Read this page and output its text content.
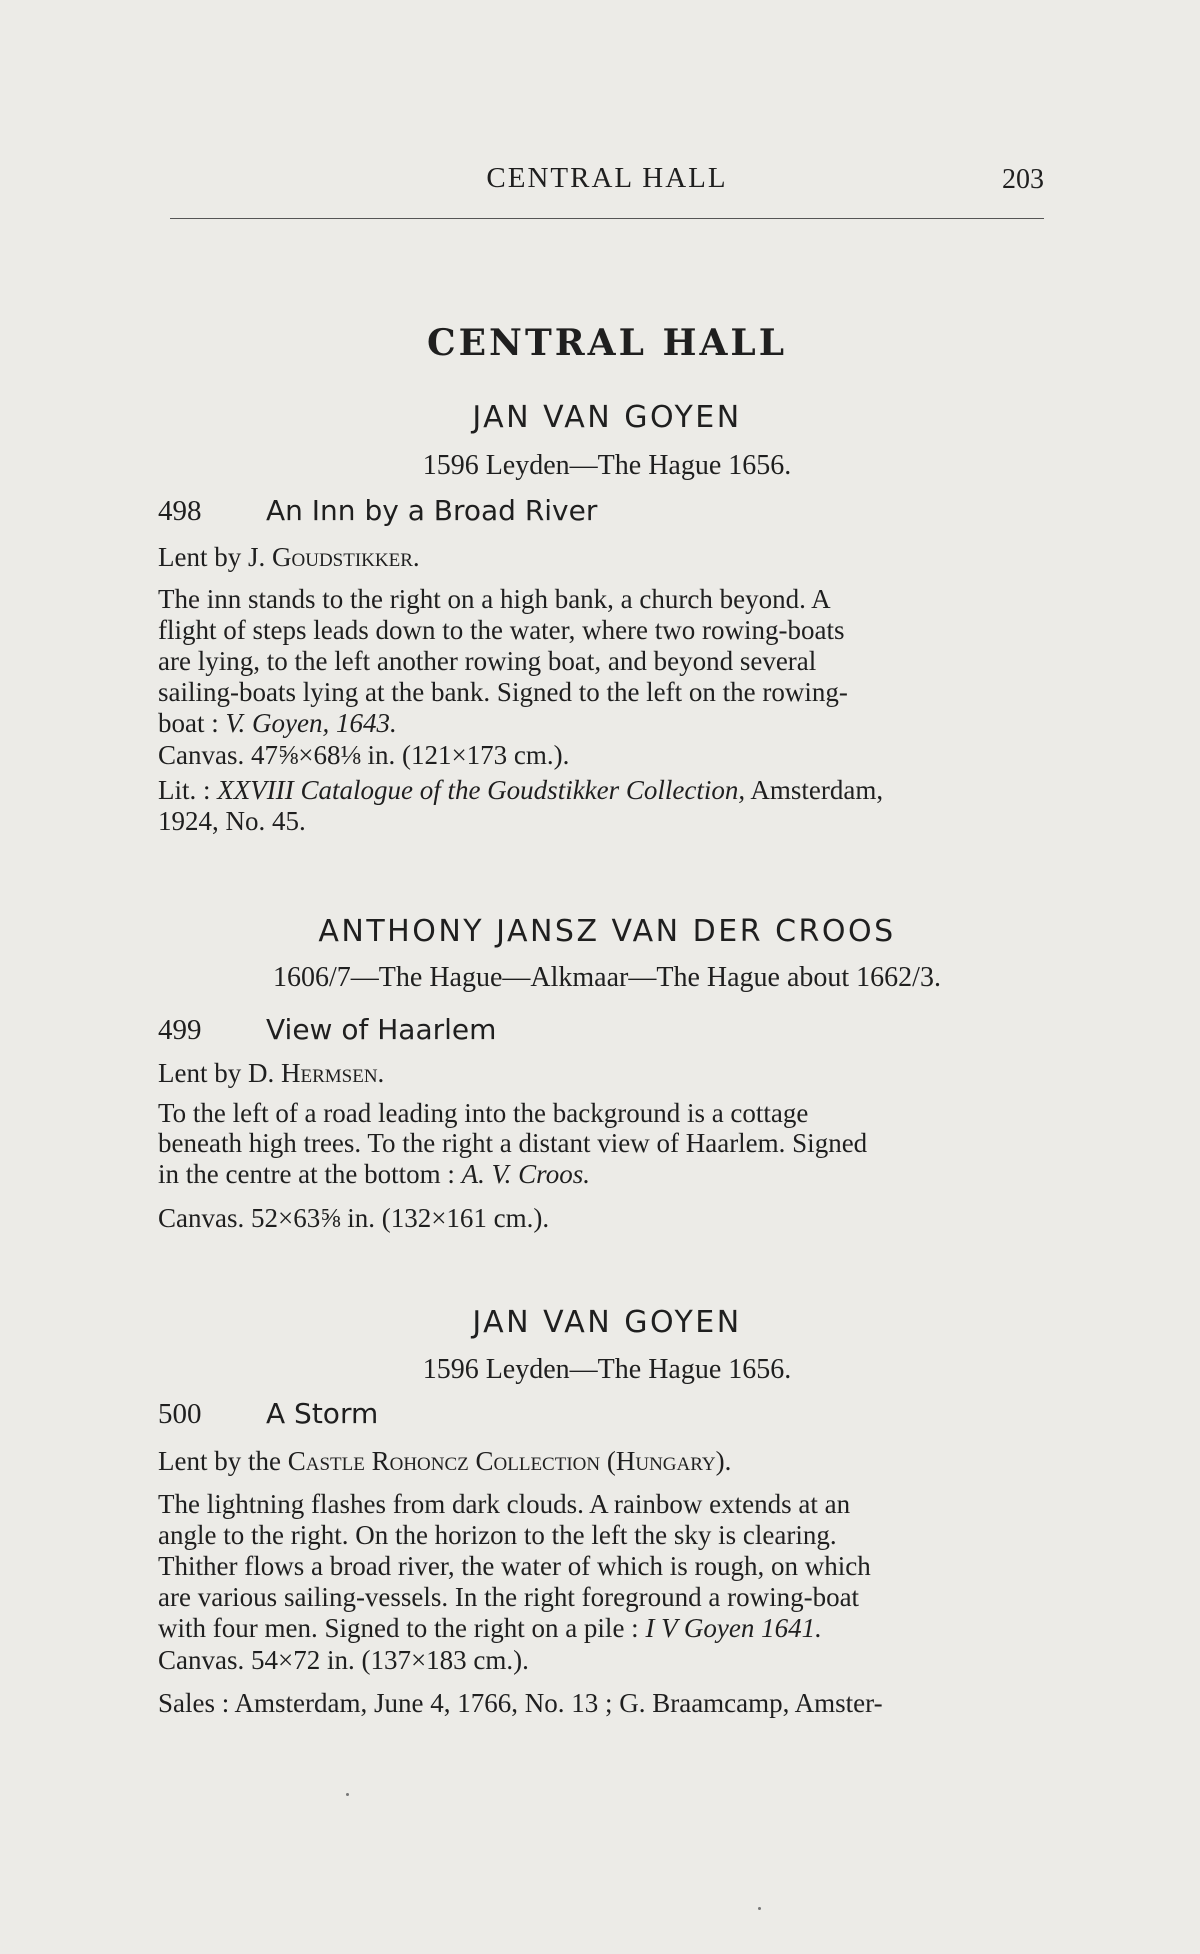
CENTRAL HALL	203
CENTRAL HALL
JAN VAN GOYEN
1596 Leyden—The Hague 1656.
498 An Inn by a Broad River
Lent by J. Goudstikker.
The inn stands to the right on a high bank, a church beyond. A
flight of steps leads down to the water, where two rowing-boats
are lying, to the left another rowing boat, and beyond several
sailing-boats lying at the bank. Signed to the left on the rowing-
boat : V. Goyen, 1643.
Canvas. 47⅝×68⅛ in. (121×173 cm.).
Lit. : XXVIII Catalogue of the Goudstikker Collection, Amsterdam,
1924, No. 45.
ANTHONY JANSZ VAN DER CROOS
1606/7—The Hague—Alkmaar—The Hague about 1662/3.
499 View of Haarlem
Lent by D. Hermsen.
To the left of a road leading into the background is a cottage
beneath high trees. To the right a distant view of Haarlem. Signed
in the centre at the bottom : A. V. Croos.
Canvas. 52×63⅝ in. (132×161 cm.).
JAN VAN GOYEN
1596 Leyden—The Hague 1656.
500 A Storm
Lent by the Castle Rohoncz Collection (Hungary).
The lightning flashes from dark clouds. A rainbow extends at an
angle to the right. On the horizon to the left the sky is clearing.
Thither flows a broad river, the water of which is rough, on which
are various sailing-vessels. In the right foreground a rowing-boat
with four men. Signed to the right on a pile : I V Goyen 1641.
Canvas. 54×72 in. (137×183 cm.).
Sales : Amsterdam, June 4, 1766, No. 13 ; G. Braamcamp, Amster-
